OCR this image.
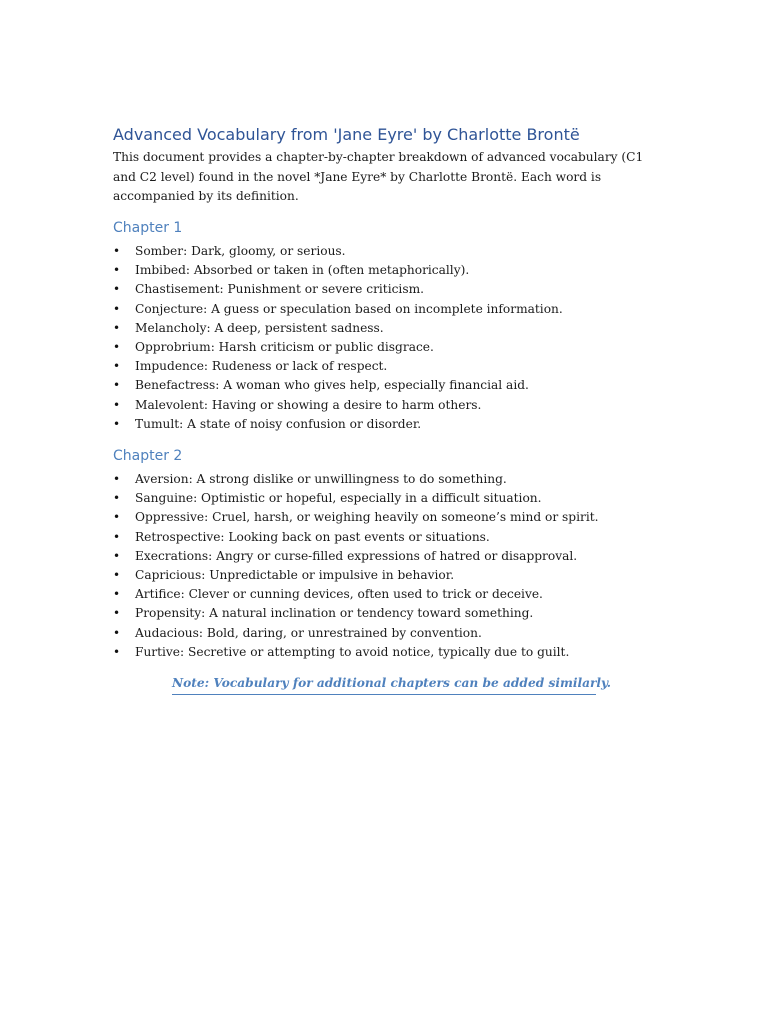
Advanced Vocabulary from 'Jane Eyre' by Charlotte Brontë

This document provides a chapter-by-chapter breakdown of advanced vocabulary (C1 and C2 level) found in the novel *Jane Eyre* by Charlotte Brontë. Each word is accompanied by its definition.

Chapter 1
• Somber: Dark, gloomy, or serious.
• Imbibed: Absorbed or taken in (often metaphorically).
• Chastisement: Punishment or severe criticism.
• Conjecture: A guess or speculation based on incomplete information.
• Melancholy: A deep, persistent sadness.
• Opprobrium: Harsh criticism or public disgrace.
• Impudence: Rudeness or lack of respect.
• Benefactress: A woman who gives help, especially financial aid.
• Malevolent: Having or showing a desire to harm others.
• Tumult: A state of noisy confusion or disorder.
Chapter 2
• Aversion: A strong dislike or unwillingness to do something.
• Sanguine: Optimistic or hopeful, especially in a difficult situation.
• Oppressive: Cruel, harsh, or weighing heavily on someone’s mind or spirit.
• Retrospective: Looking back on past events or situations.
• Execrations: Angry or curse-filled expressions of hatred or disapproval.
• Capricious: Unpredictable or impulsive in behavior.
• Artifice: Clever or cunning devices, often used to trick or deceive.
• Propensity: A natural inclination or tendency toward something.
• Audacious: Bold, daring, or unrestrained by convention.
• Furtive: Secretive or attempting to avoid notice, typically due to guilt.

Note: Vocabulary for additional chapters can be added similarly.
